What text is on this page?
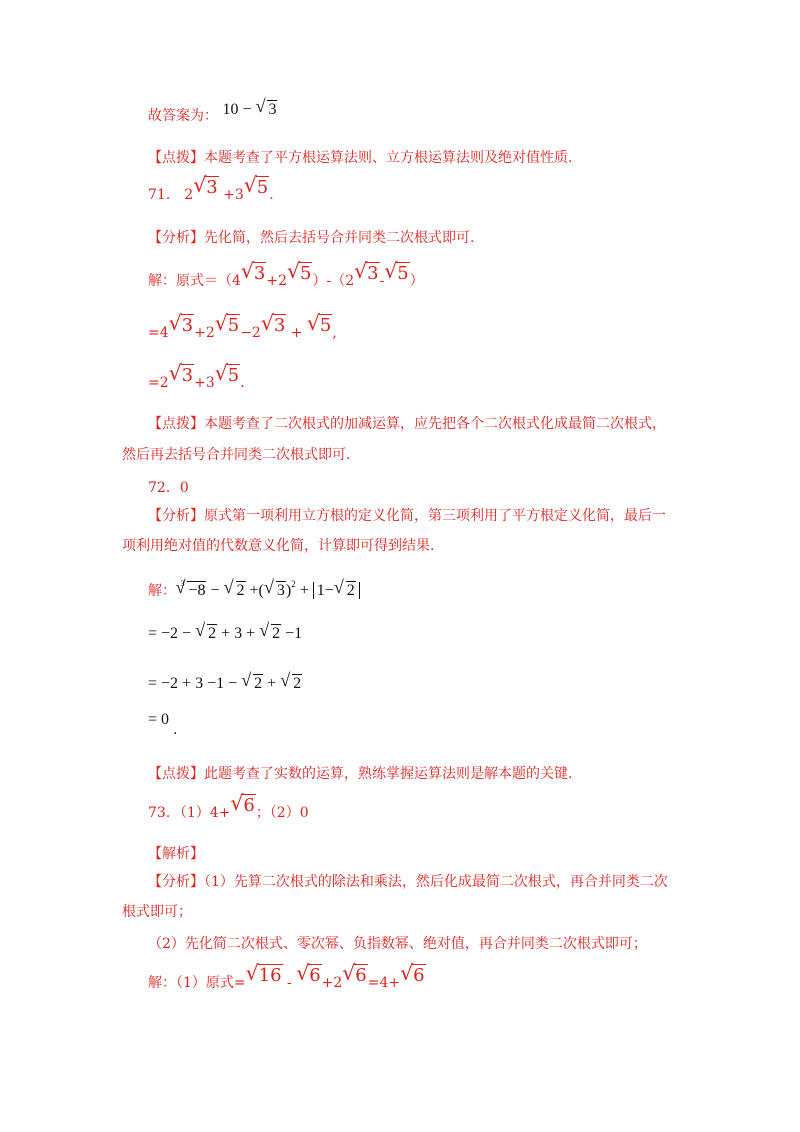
故答案为： 10 − √ 3
【点拨】本题考查了平方根运算法则、立方根运算法则及绝对值性质.
71． 2 √ 3 +3 √ 5.
【分析】先化简，然后去括号合并同类二次根式即可.
解：原式＝（4 √ 3+2 √ 5）-（2 √ 3- √ 5）
=4 √ 3+2 √ 5−2 √ 3 + √ 5,
=2 √ 3+3 √ 5.
【点拨】本题考查了二次根式的加减运算，应先把各个二次根式化成最简二次根式，
然后再去括号合并同类二次根式即可.
72．0
【分析】原式第一项利用立方根的定义化简，第三项利用了平方根定义化简，最后一
项利用绝对值的代数意义化简，计算即可得到结果.
解： $^3$ √ −8 − √ 2 +( √ 3)$^2$ + 1− √ 2
= −2 − √ 2 + 3 + √ 2 −1
= −2 + 3 −1 − √ 2 + √ 2
= 0.
【点拨】此题考查了实数的运算，熟练掌握运算法则是解本题的关键.
73．（1）4+ √ 6；（2）0
【解析】
【分析】（1）先算二次根式的除法和乘法，然后化成最简二次根式，再合并同类二次
根式即可；
（2）先化简二次根式、零次幂、负指数幂、绝对值，再合并同类二次根式即可；
解：（1）原式= √ 16 - √ 6+2 √ 6=4+ √ 6
